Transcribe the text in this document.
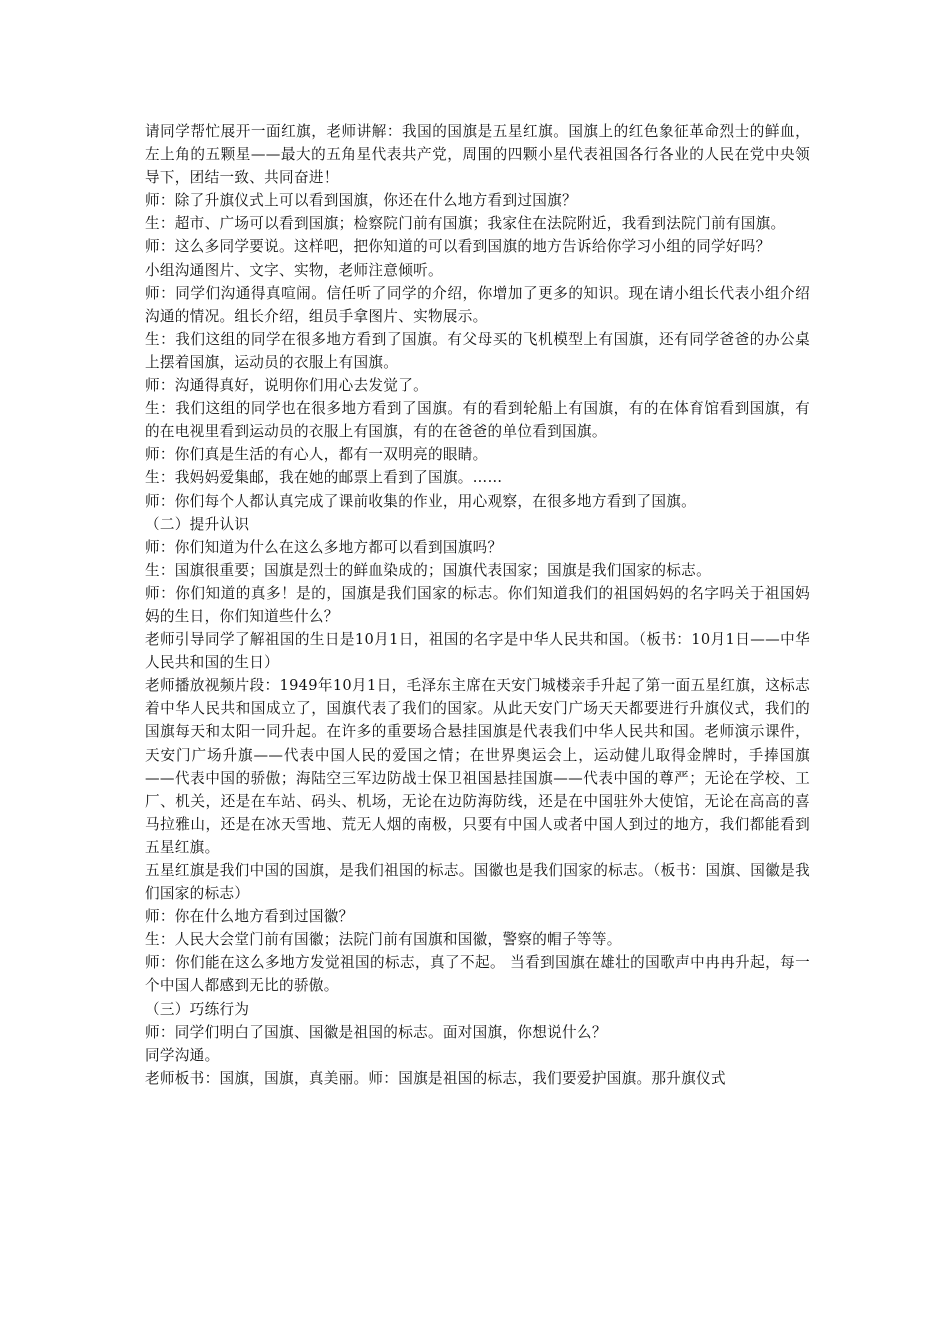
请同学帮忙展开一面红旗，老师讲解：我国的国旗是五星红旗。国旗上的红色象征革命烈士的鲜血，左上角的五颗星——最大的五角星代表共产党，周围的四颗小星代表祖国各行各业的人民在党中央领导下，团结一致、共同奋进！

师：除了升旗仪式上可以看到国旗，你还在什么地方看到过国旗？

生：超市、广场可以看到国旗；检察院门前有国旗；我家住在法院附近，我看到法院门前有国旗。

师：这么多同学要说。这样吧，把你知道的可以看到国旗的地方告诉给你学习小组的同学好吗？

小组沟通图片、文字、实物，老师注意倾听。

师：同学们沟通得真喧闹。信任听了同学的介绍，你增加了更多的知识。现在请小组长代表小组介绍沟通的情况。组长介绍，组员手拿图片、实物展示。

生：我们这组的同学在很多地方看到了国旗。有父母买的飞机模型上有国旗，还有同学爸爸的办公桌上摆着国旗，运动员的衣服上有国旗。

师：沟通得真好，说明你们用心去发觉了。

生：我们这组的同学也在很多地方看到了国旗。有的看到轮船上有国旗，有的在体育馆看到国旗，有的在电视里看到运动员的衣服上有国旗，有的在爸爸的单位看到国旗。

师：你们真是生活的有心人，都有一双明亮的眼睛。

生：我妈妈爱集邮，我在她的邮票上看到了国旗。……

师：你们每个人都认真完成了课前收集的作业，用心观察，在很多地方看到了国旗。

（二）提升认识

师：你们知道为什么在这么多地方都可以看到国旗吗？

生：国旗很重要；国旗是烈士的鲜血染成的；国旗代表国家；国旗是我们国家的标志。

师：你们知道的真多！是的，国旗是我们国家的标志。你们知道我们的祖国妈妈的名字吗关于祖国妈妈的生日，你们知道些什么？

老师引导同学了解祖国的生日是10月1日，祖国的名字是中华人民共和国。（板书：10月1日——中华人民共和国的生日）

老师播放视频片段：1949年10月1日，毛泽东主席在天安门城楼亲手升起了第一面五星红旗，这标志着中华人民共和国成立了，国旗代表了我们的国家。从此天安门广场天天都要进行升旗仪式，我们的国旗每天和太阳一同升起。在许多的重要场合悬挂国旗是代表我们中华人民共和国。老师演示课件，天安门广场升旗——代表中国人民的爱国之情；在世界奥运会上，运动健儿取得金牌时，手捧国旗——代表中国的骄傲；海陆空三军边防战士保卫祖国悬挂国旗——代表中国的尊严；无论在学校、工厂、机关，还是在车站、码头、机场，无论在边防海防线，还是在中国驻外大使馆，无论在高高的喜马拉雅山，还是在冰天雪地、荒无人烟的南极，只要有中国人或者中国人到过的地方，我们都能看到五星红旗。

五星红旗是我们中国的国旗，是我们祖国的标志。国徽也是我们国家的标志。（板书：国旗、国徽是我们国家的标志）

师：你在什么地方看到过国徽？

生：人民大会堂门前有国徽；法院门前有国旗和国徽，警察的帽子等等。

师：你们能在这么多地方发觉祖国的标志，真了不起。 当看到国旗在雄壮的国歌声中冉冉升起，每一个中国人都感到无比的骄傲。

（三）巧练行为

师：同学们明白了国旗、国徽是祖国的标志。面对国旗，你想说什么？

同学沟通。

老师板书：国旗，国旗，真美丽。师：国旗是祖国的标志，我们要爱护国旗。那升旗仪式
